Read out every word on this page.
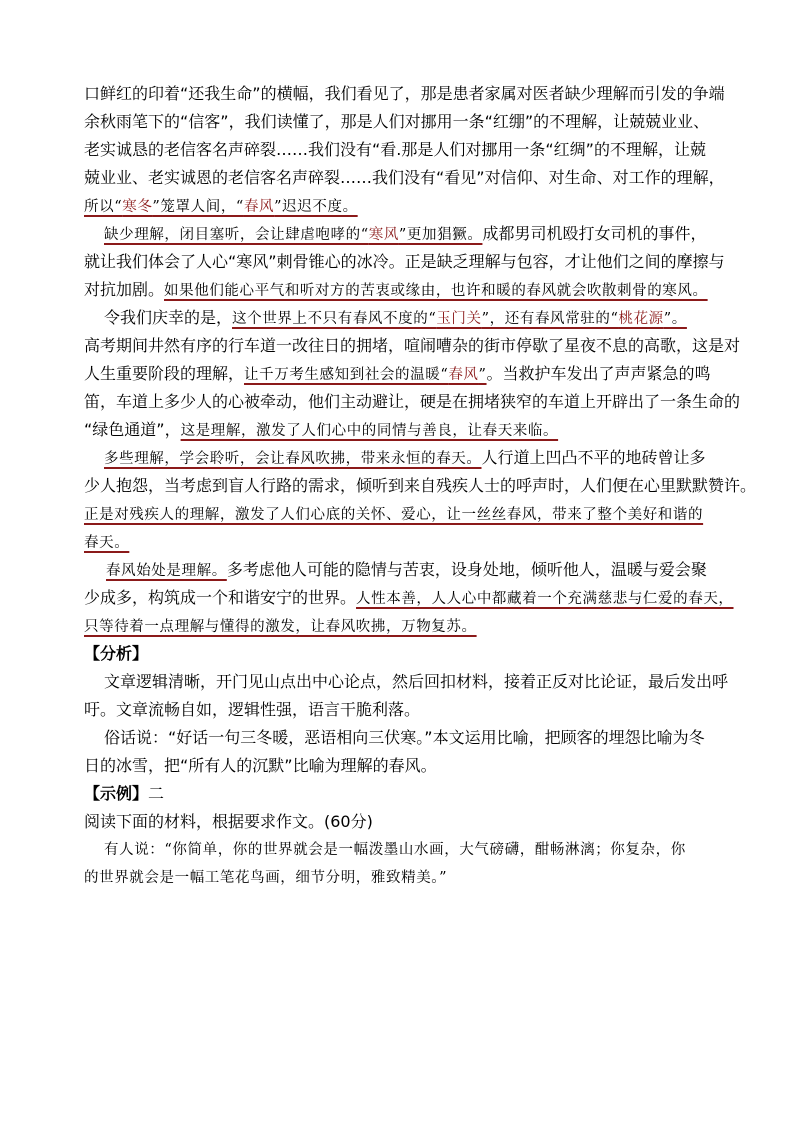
口鲜红的印着“还我生命”的横幅，我们看见了，那是患者家属对医者缺少理解而引发的争端
余秋雨笔下的“信客”，我们读懂了，那是人们对挪用一条“红绷”的不理解，让兢兢业业、
老实诚恳的老信客名声碎裂……我们没有“看.那是人们对挪用一条“红绸”的不理解，让兢
兢业业、老实诚恩的老信客名声碎裂……我们没有“看见”对信仰、对生命、对工作的理解，
所以“寒冬”笼罩人间，“春风”迟迟不度。
缺少理解，闭目塞听，会让肆虐咆哮的“寒风”更加猖獗。成都男司机殴打女司机的事件，
就让我们体会了人心“寒风”刺骨锥心的冰冷。正是缺乏理解与包容，才让他们之间的摩擦与
对抗加剧。如果他们能心平气和听对方的苦衷或缘由，也许和暖的春风就会吹散刺骨的寒风。
令我们庆幸的是，这个世界上不只有春风不度的“玉门关”，还有春风常驻的“桃花源”。
高考期间井然有序的行车道一改往日的拥堵，喧闹嘈杂的街市停歇了星夜不息的高歌，这是对
人生重要阶段的理解，让千万考生感知到社会的温暖“春风”。当救护车发出了声声紧急的鸣
笛，车道上多少人的心被牵动，他们主动避让，硬是在拥堵狭窄的车道上开辟出了一条生命的
“绿色通道”，这是理解，激发了人们心中的同情与善良，让春天来临。
多些理解，学会聆听，会让春风吹拂，带来永恒的春天。人行道上凹凸不平的地砖曾让多
少人抱怨，当考虑到盲人行路的需求，倾听到来自残疾人士的呼声时，人们便在心里默默赞许。
正是对残疾人的理解，激发了人们心底的关怀、爱心，让一丝丝春风，带来了整个美好和谐的
春天。
春风始处是理解。多考虑他人可能的隐情与苦衷，设身处地，倾听他人，温暖与爱会聚
少成多，构筑成一个和谐安宁的世界。人性本善，人人心中都藏着一个充满慈悲与仁爱的春天，
只等待着一点理解与懂得的激发，让春风吹拂，万物复苏。
【分析】
文章逻辑清晰，开门见山点出中心论点，然后回扣材料，接着正反对比论证，最后发出呼
吁。文章流畅自如，逻辑性强，语言干脆利落。
俗话说：“好话一句三冬暖，恶语相向三伏寒。”本文运用比喻，把顾客的埋怨比喻为冬
日的冰雪，把“所有人的沉默”比喻为理解的春风。
【示例】二
阅读下面的材料，根据要求作文。(60分)
有人说：“你简单，你的世界就会是一幅泼墨山水画，大气磅礴，酣畅淋漓；你复杂，你
的世界就会是一幅工笔花鸟画，细节分明，雅致精美。”
